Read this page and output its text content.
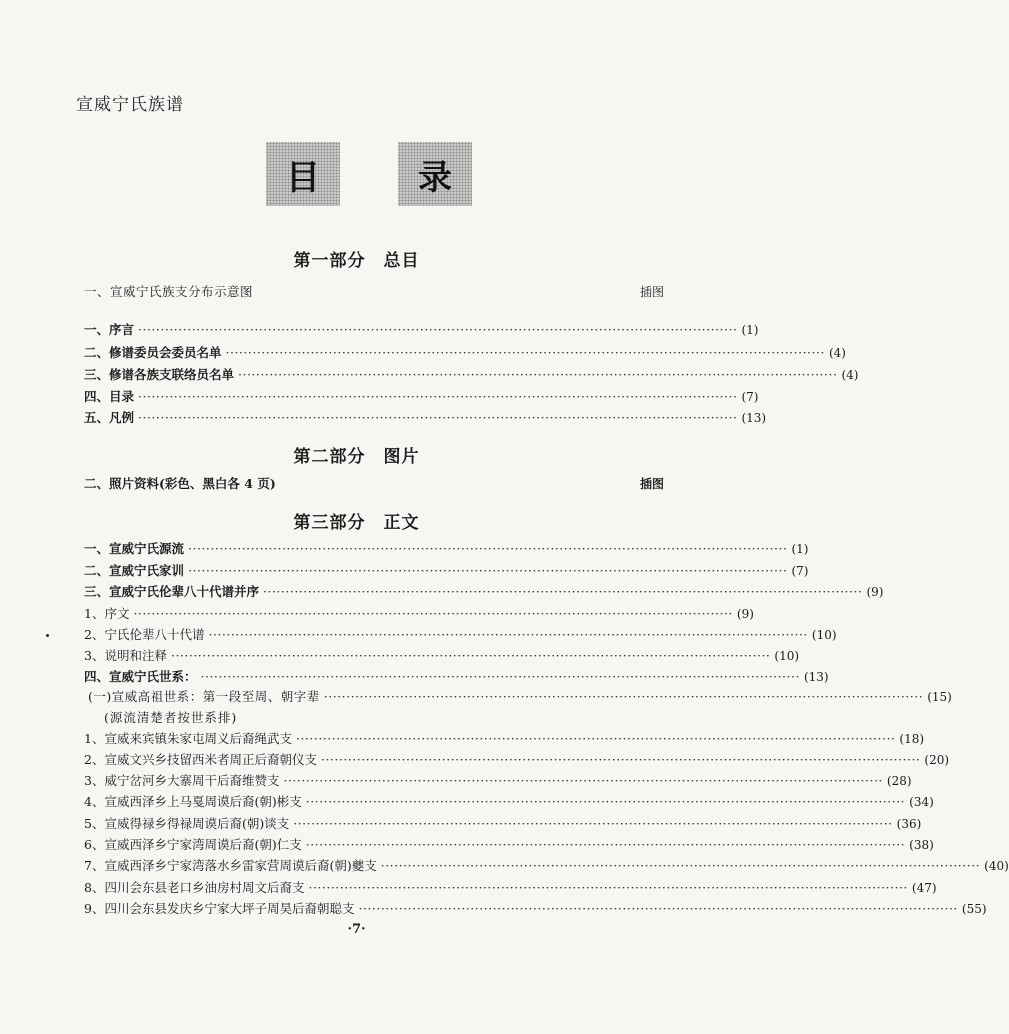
宣威宁氏族谱
目	录
第一部分　总目
一、宣威宁氏族支分布示意图	插图
一、序言 ······································································································································ (1)
二、修谱委员会委员名单 ······································································································································ (4)
三、修谱各族支联络员名单 ······································································································································ (4)
四、目录 ······································································································································ (7)
五、凡例 ······································································································································ (13)
第二部分　图片
二、照片资料(彩色、黑白各 4 页)	插图
第三部分　正文
一、宣威宁氏源流 ······································································································································ (1)
二、宣威宁氏家训 ······································································································································ (7)
三、宣威宁氏伦辈八十代谱并序 ······································································································································ (9)
1、序文 ······································································································································ (9)
2、宁氏伦辈八十代谱 ······································································································································ (10)
3、说明和注释 ······································································································································ (10)
四、宣威宁氏世系： ······································································································································ (13)
(一)宣威高祖世系：第一段至周、朝字辈 ······································································································································ (15)
(源流清楚者按世系排)
1、宣威来宾镇朱家屯周义后裔绳武支 ······································································································································ (18)
2、宣威文兴乡技留西米者周正后裔朝仪支 ······································································································································ (20)
3、威宁岔河乡大寨周干后裔维赞支 ······································································································································ (28)
4、宣威西泽乡上马戛周谟后裔(朝)彬支 ······································································································································ (34)
5、宣威得禄乡得禄周谟后裔(朝)谈支 ······································································································································ (36)
6、宣威西泽乡宁家湾周谟后裔(朝)仁支 ······································································································································ (38)
7、宣威西泽乡宁家湾落水乡雷家营周谟后裔(朝)夔支 ······································································································································ (40)
8、四川会东县老口乡油房村周文后裔支 ······································································································································ (47)
9、四川会东县发庆乡宁家大坪子周昊后裔朝聪支 ······································································································································ (55)
·7·
